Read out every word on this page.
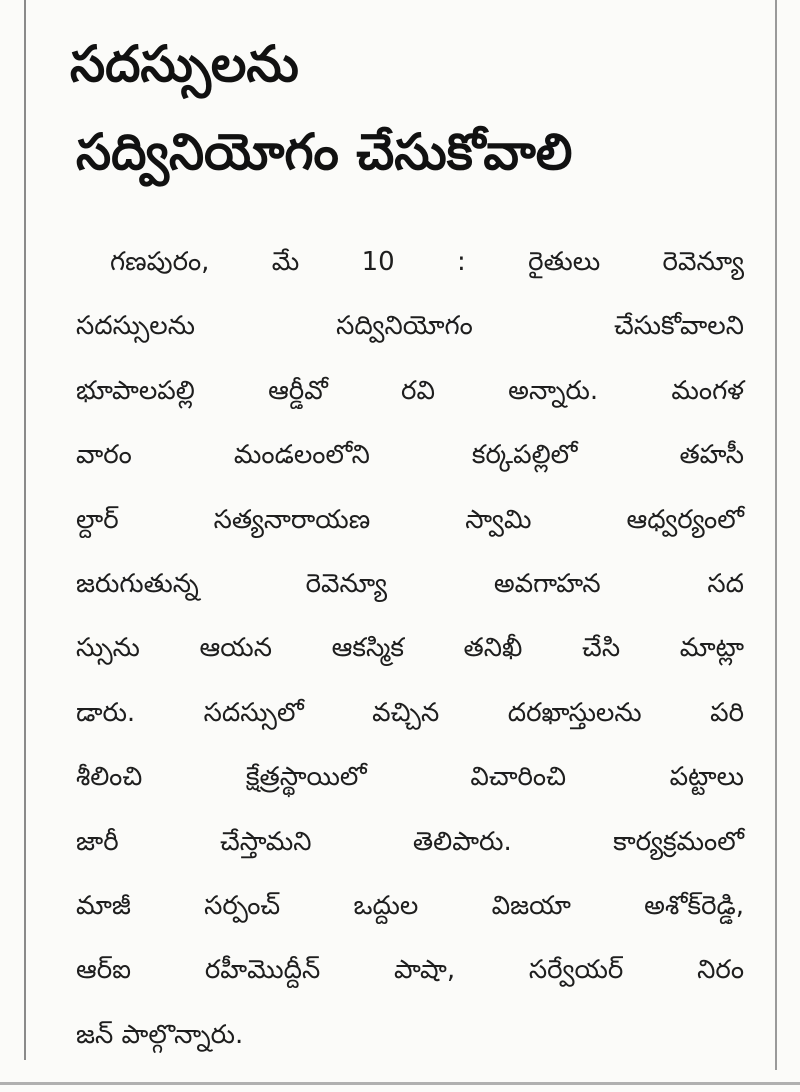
సదస్సులను
సద్వినియోగం చేసుకోవాలి
గణపురం, మే 10 : రైతులు రెవెన్యూ
సదస్సులను సద్వినియోగం చేసుకోవాలని
భూపాలపల్లి ఆర్డీవో రవి అన్నారు. మంగళ
వారం మండలంలోని కర్కపల్లిలో తహసీ
ల్దార్ సత్యనారాయణ స్వామి ఆధ్వర్యంలో
జరుగుతున్న రెవెన్యూ అవగాహన సద
స్సును ఆయన ఆకస్మిక తనిఖీ చేసి మాట్లా
డారు. సదస్సులో వచ్చిన దరఖాస్తులను పరి
శీలించి క్షేత్రస్థాయిలో విచారించి పట్టాలు
జారీ చేస్తామని తెలిపారు. కార్యక్రమంలో
మాజీ సర్పంచ్ ఒద్దుల విజయా అశోక్‌రెడ్డి,
ఆర్ఐ రహీమొద్దీన్ పాషా, సర్వేయర్ నిరం
జన్ పాల్గొన్నారు.
